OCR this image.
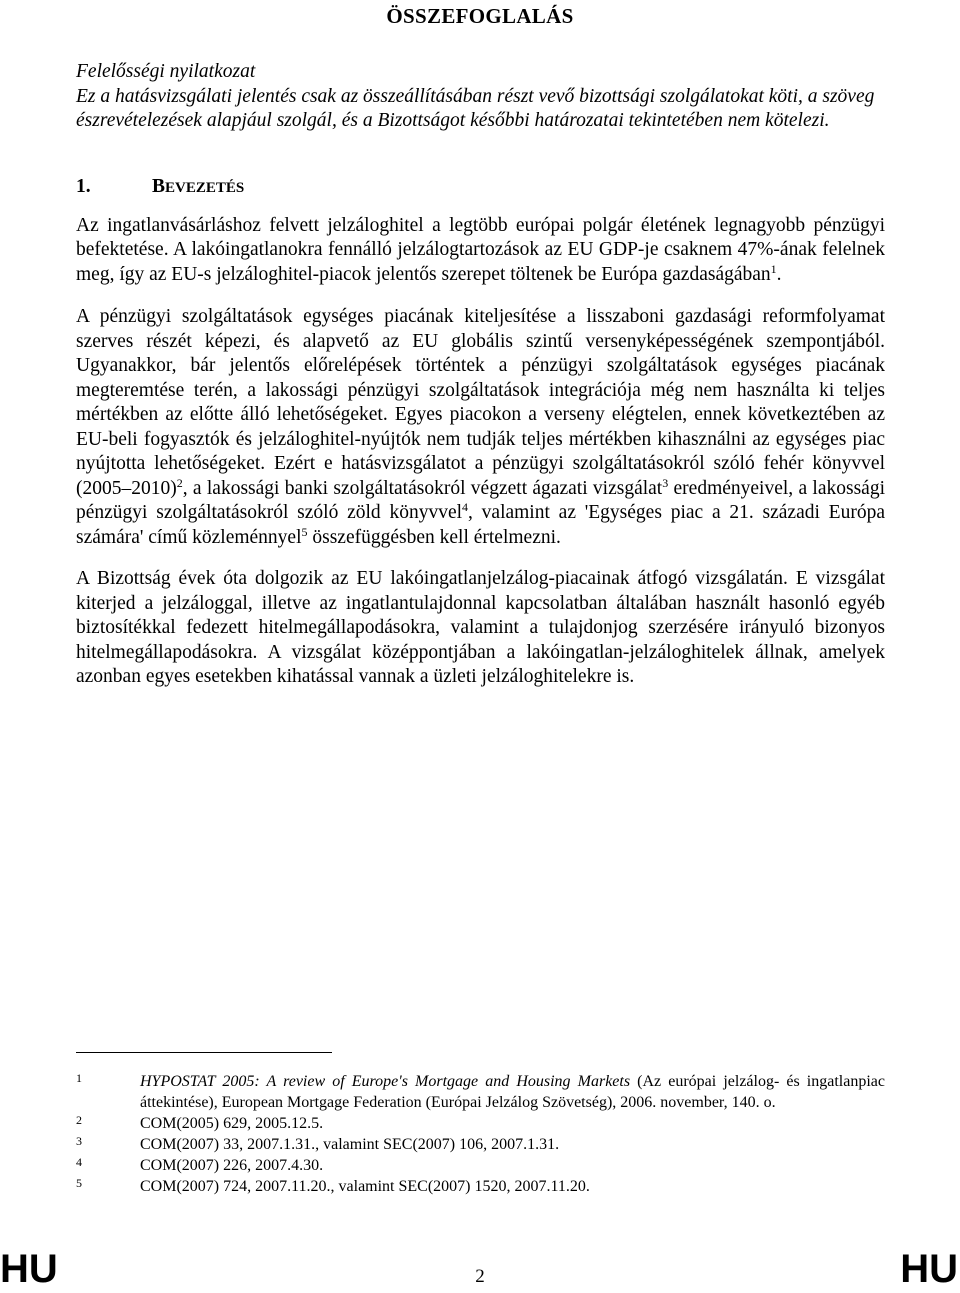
ÖSSZEFOGLALÁS
Felelősségi nyilatkozat
Ez a hatásvizsgálati jelentés csak az összeállításában részt vevő bizottsági szolgálatokat köti, a szöveg észrevételezések alapjául szolgál, és a Bizottságot későbbi határozatai tekintetében nem kötelezi.
1.	BEVEZETÉS

Az ingatlanvásárláshoz felvett jelzáloghitel a legtöbb európai polgár életének legnagyobb pénzügyi befektetése. A lakóingatlanokra fennálló jelzálogtartozások az EU GDP-je csaknem 47%-ának felelnek meg, így az EU-s jelzáloghitel-piacok jelentős szerepet töltenek be Európa gazdaságában$^1$.

A pénzügyi szolgáltatások egységes piacának kiteljesítése a lisszaboni gazdasági reformfolyamat szerves részét képezi, és alapvető az EU globális szintű versenyképességének szempontjából. Ugyanakkor, bár jelentős előrelépések történtek a pénzügyi szolgáltatások egységes piacának megteremtése terén, a lakossági pénzügyi szolgáltatások integrációja még nem használta ki teljes mértékben az előtte álló lehetőségeket. Egyes piacokon a verseny elégtelen, ennek következtében az EU-beli fogyasztók és jelzáloghitel-nyújtók nem tudják teljes mértékben kihasználni az egységes piac nyújtotta lehetőségeket. Ezért e hatásvizsgálatot a pénzügyi szolgáltatásokról szóló fehér könyvvel (2005–2010)$^2$, a lakossági banki szolgáltatásokról végzett ágazati vizsgálat$^3$ eredményeivel, a lakossági pénzügyi szolgáltatásokról szóló zöld könyvvel$^4$, valamint az 'Egységes piac a 21. századi Európa számára' című közleménnyel$^5$ összefüggésben kell értelmezni.

A Bizottság évek óta dolgozik az EU lakóingatlanjelzálog-piacainak átfogó vizsgálatán. E vizsgálat kiterjed a jelzáloggal, illetve az ingatlantulajdonnal kapcsolatban általában használt hasonló egyéb biztosítékkal fedezett hitelmegállapodásokra, valamint a tulajdonjog szerzésére irányuló bizonyos hitelmegállapodásokra. A vizsgálat középpontjában a lakóingatlan-jelzáloghitelek állnak, amelyek azonban egyes esetekben kihatással vannak a üzleti jelzáloghitelekre is.

1	HYPOSTAT 2005: A review of Europe's Mortgage and Housing Markets (Az európai jelzálog- és ingatlanpiac áttekintése), European Mortgage Federation (Európai Jelzálog Szövetség), 2006. november, 140. o.
2	COM(2005) 629, 2005.12.5.
3	COM(2007) 33, 2007.1.31., valamint SEC(2007) 106, 2007.1.31.
4	COM(2007) 226, 2007.4.30.
5	COM(2007) 724, 2007.11.20., valamint SEC(2007) 1520, 2007.11.20.
HU	2	HU
